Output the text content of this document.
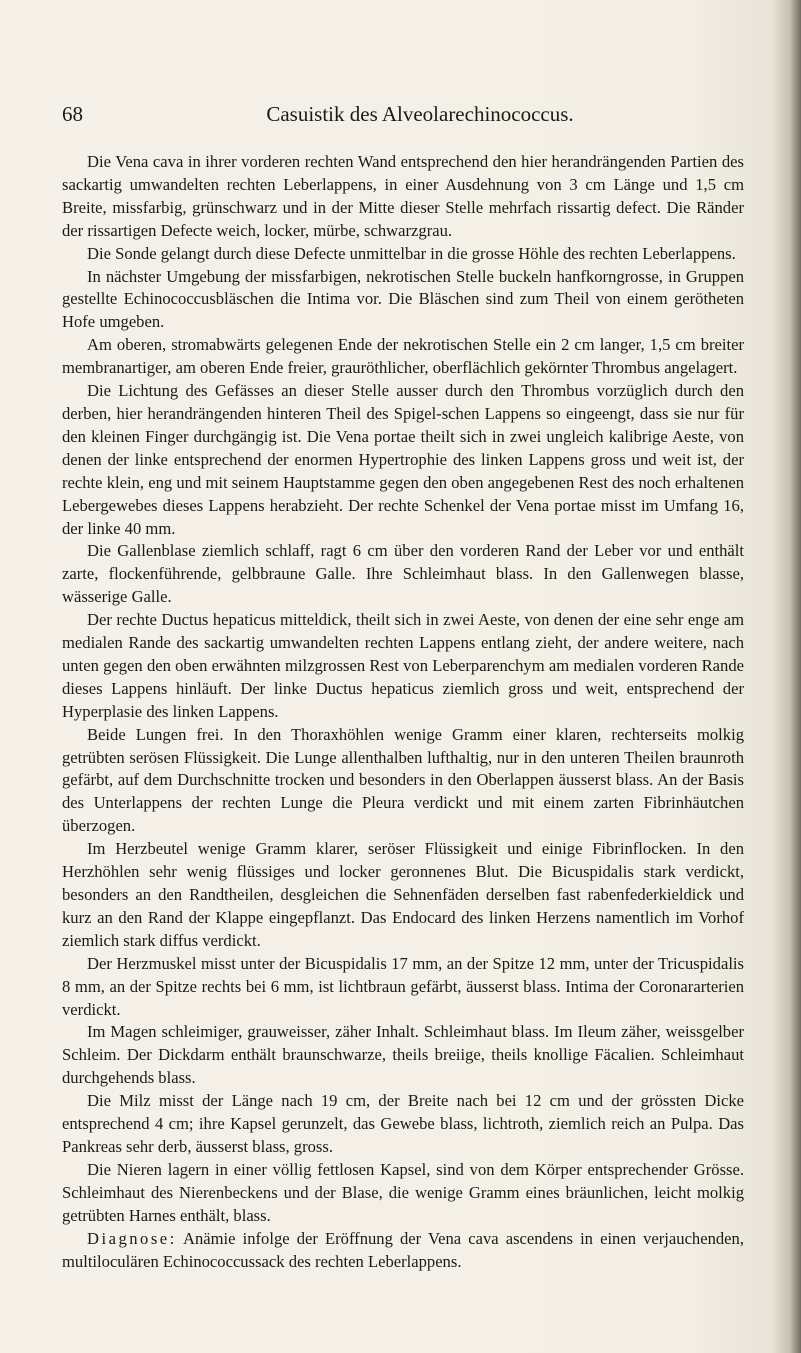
68	Casuistik des Alveolarechinococcus.

Die Vena cava in ihrer vorderen rechten Wand entsprechend den hier herandrängenden Partien des sackartig umwandelten rechten Leberlappens, in einer Ausdehnung von 3 cm Länge und 1,5 cm Breite, missfarbig, grünschwarz und in der Mitte dieser Stelle mehrfach rissartig defect. Die Ränder der rissartigen Defecte weich, locker, mürbe, schwarzgrau.

Die Sonde gelangt durch diese Defecte unmittelbar in die grosse Höhle des rechten Leberlappens.

In nächster Umgebung der missfarbigen, nekrotischen Stelle buckeln hanfkorngrosse, in Gruppen gestellte Echinococcusbläschen die Intima vor. Die Bläschen sind zum Theil von einem gerötheten Hofe umgeben.

Am oberen, stromabwärts gelegenen Ende der nekrotischen Stelle ein 2 cm langer, 1,5 cm breiter membranartiger, am oberen Ende freier, grauröthlicher, oberflächlich gekörnter Thrombus angelagert.

Die Lichtung des Gefässes an dieser Stelle ausser durch den Thrombus vorzüglich durch den derben, hier herandrängenden hinteren Theil des Spigel-schen Lappens so eingeengt, dass sie nur für den kleinen Finger durchgängig ist. Die Vena portae theilt sich in zwei ungleich kalibrige Aeste, von denen der linke entsprechend der enormen Hypertrophie des linken Lappens gross und weit ist, der rechte klein, eng und mit seinem Hauptstamme gegen den oben angegebenen Rest des noch erhaltenen Lebergewebes dieses Lappens herabzieht. Der rechte Schenkel der Vena portae misst im Umfang 16, der linke 40 mm.

Die Gallenblase ziemlich schlaff, ragt 6 cm über den vorderen Rand der Leber vor und enthält zarte, flockenführende, gelbbraune Galle. Ihre Schleimhaut blass. In den Gallenwegen blasse, wässerige Galle.

Der rechte Ductus hepaticus mitteldick, theilt sich in zwei Aeste, von denen der eine sehr enge am medialen Rande des sackartig umwandelten rechten Lappens entlang zieht, der andere weitere, nach unten gegen den oben erwähnten milzgrossen Rest von Leberparenchym am medialen vorderen Rande dieses Lappens hinläuft. Der linke Ductus hepaticus ziemlich gross und weit, entsprechend der Hyperplasie des linken Lappens.

Beide Lungen frei. In den Thoraxhöhlen wenige Gramm einer klaren, rechterseits molkig getrübten serösen Flüssigkeit. Die Lunge allenthalben lufthaltig, nur in den unteren Theilen braunroth gefärbt, auf dem Durchschnitte trocken und besonders in den Oberlappen äusserst blass. An der Basis des Unterlappens der rechten Lunge die Pleura verdickt und mit einem zarten Fibrinhäutchen überzogen.

Im Herzbeutel wenige Gramm klarer, seröser Flüssigkeit und einige Fibrinflocken. In den Herzhöhlen sehr wenig flüssiges und locker geronnenes Blut. Die Bicuspidalis stark verdickt, besonders an den Randtheilen, desgleichen die Sehnenfäden derselben fast rabenfederkieldick und kurz an den Rand der Klappe eingepflanzt. Das Endocard des linken Herzens namentlich im Vorhof ziemlich stark diffus verdickt.

Der Herzmuskel misst unter der Bicuspidalis 17 mm, an der Spitze 12 mm, unter der Tricuspidalis 8 mm, an der Spitze rechts bei 6 mm, ist lichtbraun gefärbt, äusserst blass. Intima der Coronararterien verdickt.

Im Magen schleimiger, grauweisser, zäher Inhalt. Schleimhaut blass. Im Ileum zäher, weissgelber Schleim. Der Dickdarm enthält braunschwarze, theils breiige, theils knollige Fäcalien. Schleimhaut durchgehends blass.

Die Milz misst der Länge nach 19 cm, der Breite nach bei 12 cm und der grössten Dicke entsprechend 4 cm; ihre Kapsel gerunzelt, das Gewebe blass, lichtroth, ziemlich reich an Pulpa. Das Pankreas sehr derb, äusserst blass, gross.

Die Nieren lagern in einer völlig fettlosen Kapsel, sind von dem Körper entsprechender Grösse. Schleimhaut des Nierenbeckens und der Blase, die wenige Gramm eines bräunlichen, leicht molkig getrübten Harnes enthält, blass.

Diagnose: Anämie infolge der Eröffnung der Vena cava ascendens in einen verjauchenden, multiloculären Echinococcussack des rechten Leberlappens.
